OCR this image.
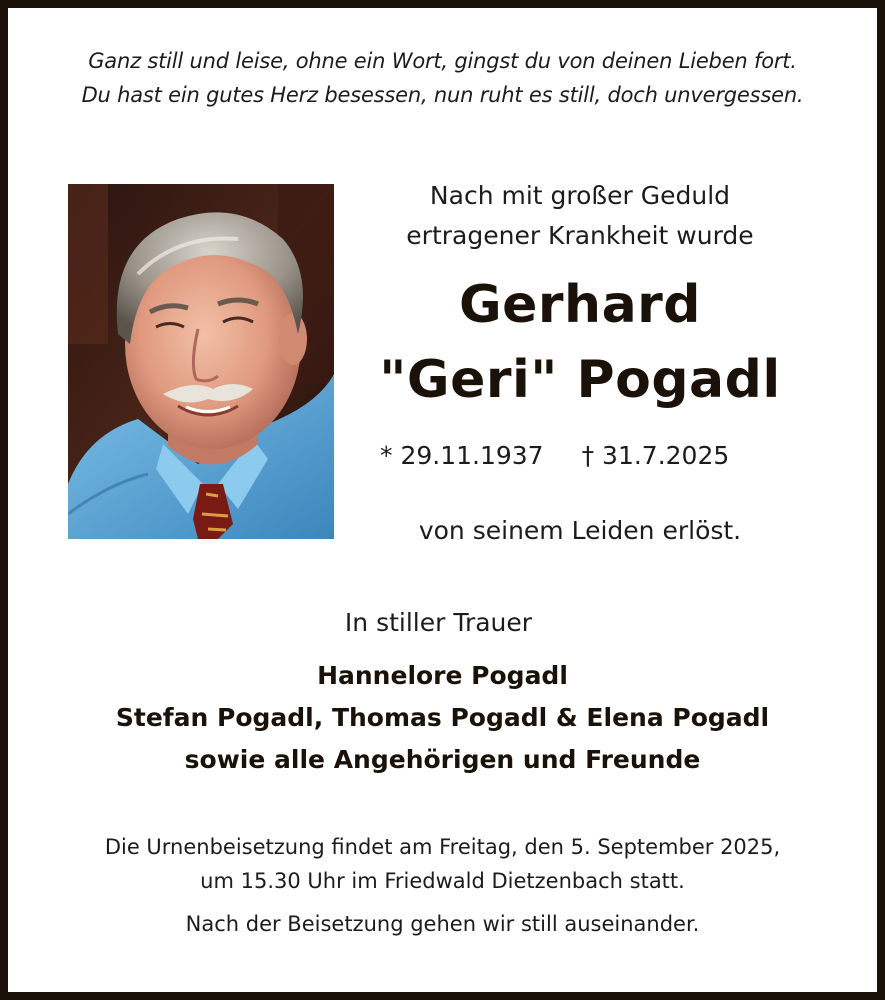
Ganz still und leise, ohne ein Wort, gingst du von deinen Lieben fort.
Du hast ein gutes Herz besessen, nun ruht es still, doch unvergessen.
Nach mit großer Geduld
ertragener Krankheit wurde
Gerhard
"Geri" Pogadl
* 29.11.1937 † 31.7.2025
von seinem Leiden erlöst.
In stiller Trauer
Hannelore Pogadl
Stefan Pogadl, Thomas Pogadl & Elena Pogadl
sowie alle Angehörigen und Freunde
Die Urnenbeisetzung findet am Freitag, den 5. September 2025,
um 15.30 Uhr im Friedwald Dietzenbach statt.
Nach der Beisetzung gehen wir still auseinander.
